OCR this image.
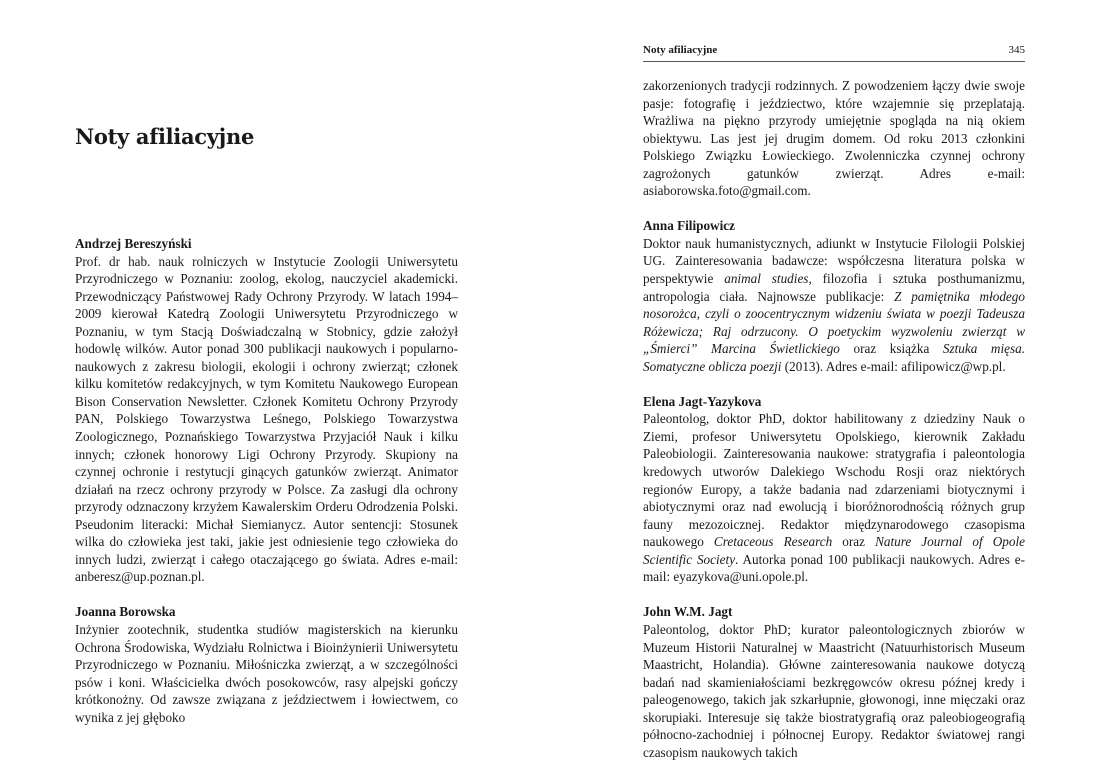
Noty afiliacyjne

Andrzej Bereszyński
Prof. dr hab. nauk rolniczych w Instytucie Zoologii Uniwersytetu Przyrodniczego w Poznaniu: zoolog, ekolog, nauczyciel akademicki. Przewodniczący Państwowej Rady Ochrony Przyrody. W latach 1994–2009 kierował Katedrą Zoologii Uniwersytetu Przyrodniczego w Poznaniu, w tym Stacją Doświadczalną w Stobnicy, gdzie założył hodowlę wilków. Autor ponad 300 publikacji naukowych i popularno-naukowych z zakresu biologii, ekologii i ochrony zwierząt; członek kilku komitetów redakcyjnych, w tym Komitetu Naukowego European Bison Conservation Newsletter. Członek Komitetu Ochrony Przyrody PAN, Polskiego Towarzystwa Leśnego, Polskiego Towarzystwa Zoologicznego, Poznańskiego Towarzystwa Przyjaciół Nauk i kilku innych; członek honorowy Ligi Ochrony Przyrody. Skupiony na czynnej ochronie i restytucji ginących gatunków zwierząt. Animator działań na rzecz ochrony przyrody w Polsce. Za zasługi dla ochrony przyrody odznaczony krzyżem Kawalerskim Orderu Odrodzenia Polski. Pseudonim literacki: Michał Siemianycz. Autor sentencji: Stosunek wilka do człowieka jest taki, jakie jest odniesienie tego człowieka do innych ludzi, zwierząt i całego otaczającego go świata. Adres e-mail: anberesz@up.poznan.pl.

Joanna Borowska
Inżynier zootechnik, studentka studiów magisterskich na kierunku Ochrona Środowiska, Wydziału Rolnictwa i Bioinżynierii Uniwersytetu Przyrodniczego w Poznaniu. Miłośniczka zwierząt, a w szczególności psów i koni. Właścicielka dwóch posokowców, rasy alpejski gończy krótkonożny. Od zawsze związana z jeździectwem i łowiectwem, co wynika z jej głęboko

Noty afiliacyjne	345

zakorzenionych tradycji rodzinnych. Z powodzeniem łączy dwie swoje pasje: fotografię i jeździectwo, które wzajemnie się przeplatają. Wrażliwa na piękno przyrody umiejętnie spogląda na nią okiem obiektywu. Las jest jej drugim domem. Od roku 2013 członkini Polskiego Związku Łowieckiego. Zwolenniczka czynnej ochrony zagrożonych gatunków zwierząt. Adres e-mail: asiaborowska.foto@gmail.com.

Anna Filipowicz
Doktor nauk humanistycznych, adiunkt w Instytucie Filologii Polskiej UG. Zainteresowania badawcze: współczesna literatura polska w perspektywie animal studies, filozofia i sztuka posthumanizmu, antropologia ciała. Najnowsze publikacje: Z pamiętnika młodego nosorożca, czyli o zoocentrycznym widzeniu świata w poezji Tadeusza Różewicza; Raj odrzucony. O poetyckim wyzwoleniu zwierząt w „Śmierci” Marcina Świetlickiego oraz książka Sztuka mięsa. Somatyczne oblicza poezji (2013). Adres e-mail: afilipowicz@wp.pl.

Elena Jagt-Yazykova
Paleontolog, doktor PhD, doktor habilitowany z dziedziny Nauk o Ziemi, profesor Uniwersytetu Opolskiego, kierownik Zakładu Paleobiologii. Zainteresowania naukowe: stratygrafia i paleontologia kredowych utworów Dalekiego Wschodu Rosji oraz niektórych regionów Europy, a także badania nad zdarzeniami biotycznymi i abiotycznymi oraz nad ewolucją i bioróżnorodnością różnych grup fauny mezozoicznej. Redaktor międzynarodowego czasopisma naukowego Cretaceous Research oraz Nature Journal of Opole Scientific Society. Autorka ponad 100 publikacji naukowych. Adres e-mail: eyazykova@uni.opole.pl.

John W.M. Jagt
Paleontolog, doktor PhD; kurator paleontologicznych zbiorów w Muzeum Historii Naturalnej w Maastricht (Natuurhistorisch Museum Maastricht, Holandia). Główne zainteresowania naukowe dotyczą badań nad skamieniałościami bezkręgowców okresu późnej kredy i paleogenowego, takich jak szkarłupnie, głowonogi, inne mięczaki oraz skorupiaki. Interesuje się także biostratygrafią oraz paleobiogeografią północno-zachodniej i północnej Europy. Redaktor światowej rangi czasopism naukowych takich
